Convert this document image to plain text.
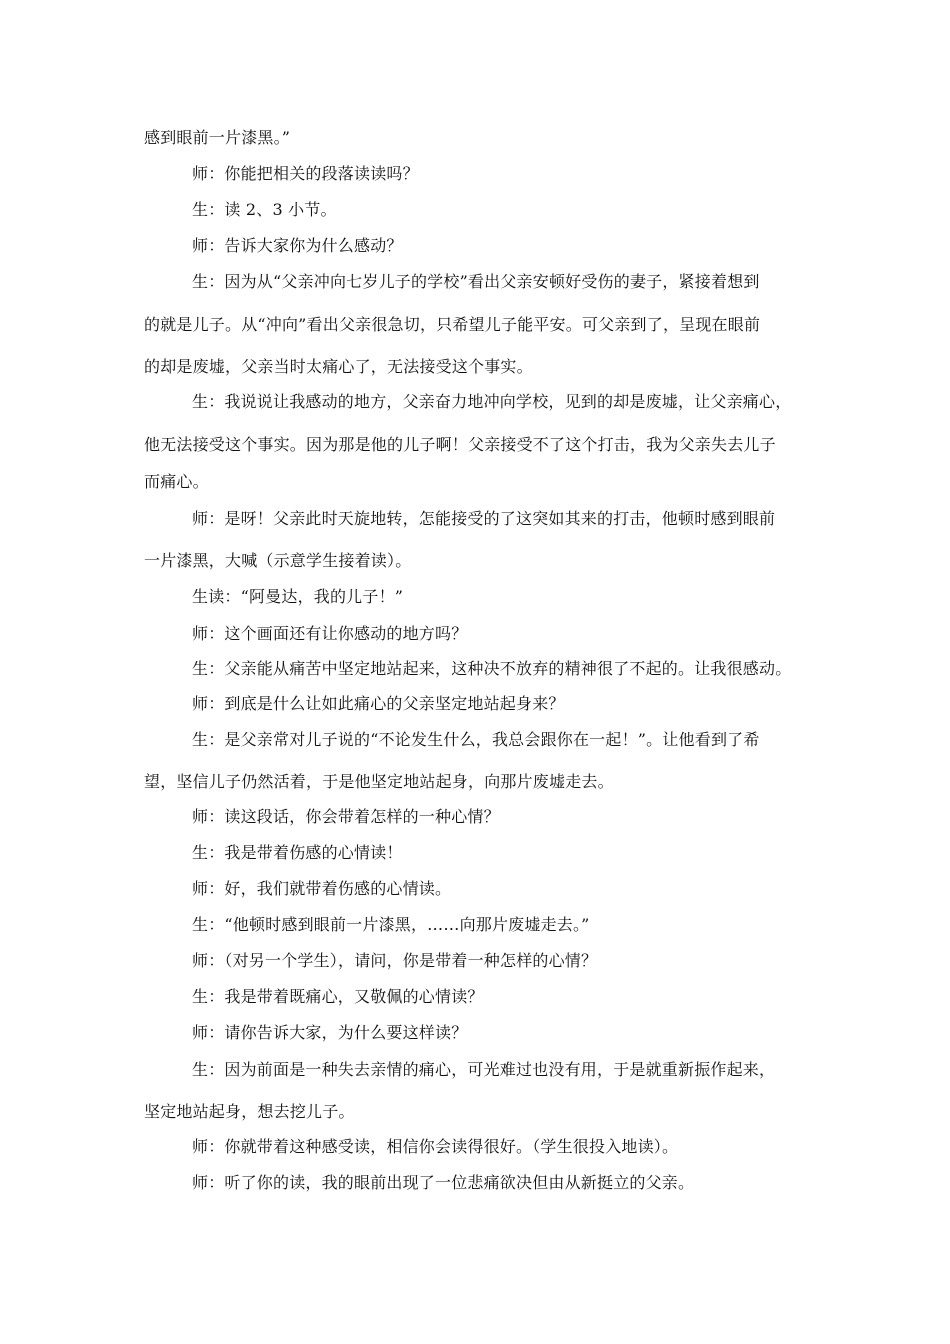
感到眼前一片漆黑。”
师：你能把相关的段落读读吗？
生：读 2、3 小节。
师：告诉大家你为什么感动？
生：因为从“父亲冲向七岁儿子的学校”看出父亲安顿好受伤的妻子，紧接着想到
的就是儿子。从“冲向”看出父亲很急切，只希望儿子能平安。可父亲到了，呈现在眼前
的却是废墟，父亲当时太痛心了，无法接受这个事实。
生：我说说让我感动的地方，父亲奋力地冲向学校，见到的却是废墟，让父亲痛心，
他无法接受这个事实。因为那是他的儿子啊！父亲接受不了这个打击，我为父亲失去儿子
而痛心。
师：是呀！父亲此时天旋地转，怎能接受的了这突如其来的打击，他顿时感到眼前
一片漆黑，大喊（示意学生接着读）。
生读：“阿曼达，我的儿子！”
师：这个画面还有让你感动的地方吗？
生：父亲能从痛苦中坚定地站起来，这种决不放弃的精神很了不起的。让我很感动。
师：到底是什么让如此痛心的父亲坚定地站起身来？
生：是父亲常对儿子说的“不论发生什么，我总会跟你在一起！”。让他看到了希
望，坚信儿子仍然活着，于是他坚定地站起身，向那片废墟走去。
师：读这段话，你会带着怎样的一种心情？
生：我是带着伤感的心情读！
师：好，我们就带着伤感的心情读。
生：“他顿时感到眼前一片漆黑，……向那片废墟走去。”
师：（对另一个学生），请问，你是带着一种怎样的心情？
生：我是带着既痛心，又敬佩的心情读？
师：请你告诉大家，为什么要这样读？
生：因为前面是一种失去亲情的痛心，可光难过也没有用，于是就重新振作起来，
坚定地站起身，想去挖儿子。
师：你就带着这种感受读，相信你会读得很好。（学生很投入地读）。
师：听了你的读，我的眼前出现了一位悲痛欲决但由从新挺立的父亲。
